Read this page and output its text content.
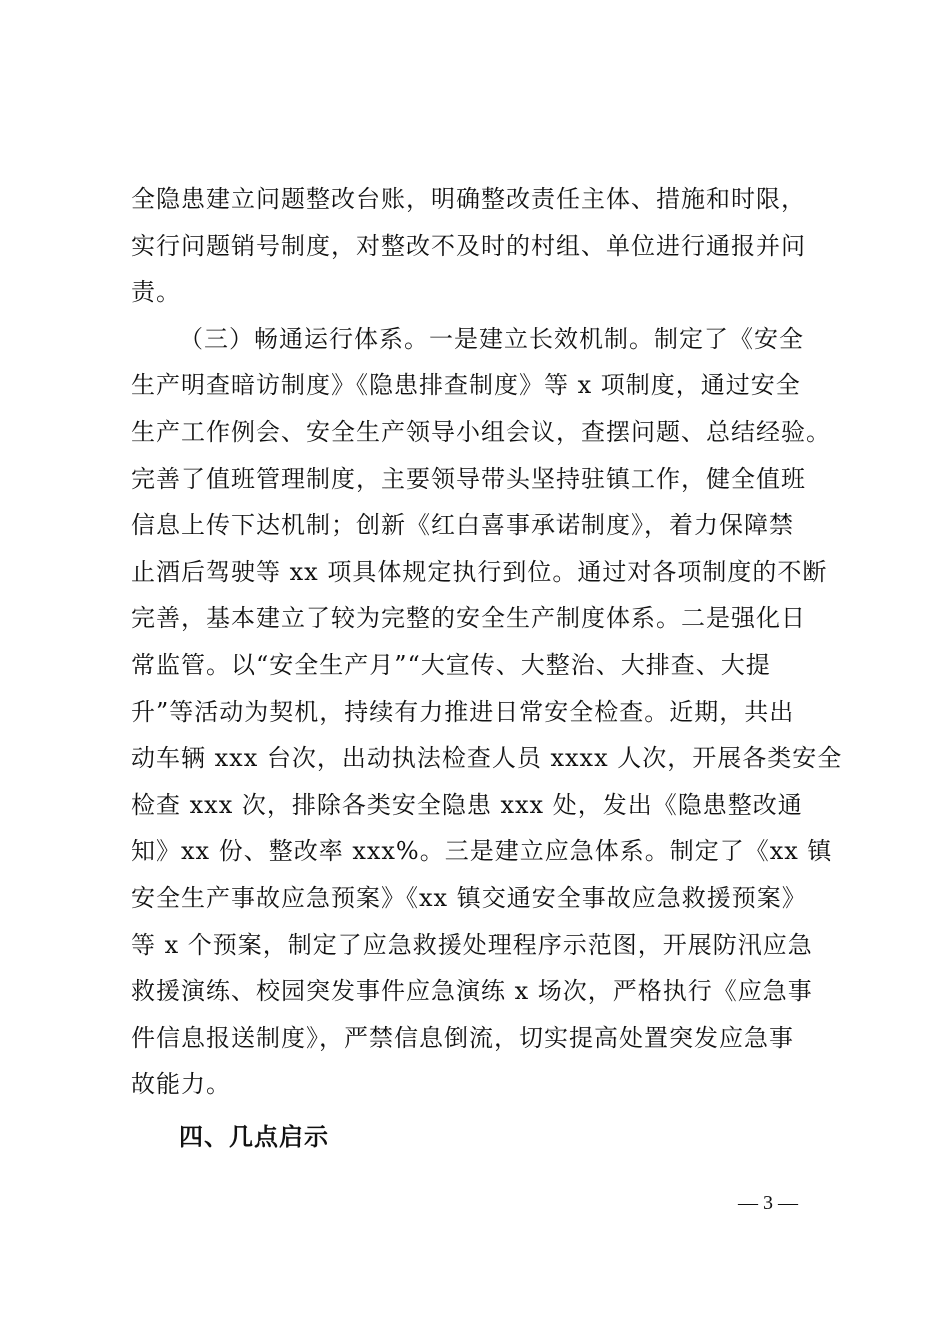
全隐患建立问题整改台账，明确整改责任主体、措施和时限，
实行问题销号制度，对整改不及时的村组、单位进行通报并问
责。
（三）畅通运行体系。一是建立长效机制。制定了《安全
生产明查暗访制度》《隐患排查制度》等 x 项制度，通过安全
生产工作例会、安全生产领导小组会议，查摆问题、总结经验。
完善了值班管理制度，主要领导带头坚持驻镇工作，健全值班
信息上传下达机制；创新《红白喜事承诺制度》，着力保障禁
止酒后驾驶等 xx 项具体规定执行到位。通过对各项制度的不断
完善，基本建立了较为完整的安全生产制度体系。二是强化日
常监管。以“安全生产月”“大宣传、大整治、大排查、大提
升”等活动为契机，持续有力推进日常安全检查。近期，共出
动车辆 xxx 台次，出动执法检查人员 xxxx 人次，开展各类安全
检查 xxx 次，排除各类安全隐患 xxx 处，发出《隐患整改通
知》xx 份、整改率 xxx%。三是建立应急体系。制定了《xx 镇
安全生产事故应急预案》《xx 镇交通安全事故应急救援预案》
等 x 个预案，制定了应急救援处理程序示范图，开展防汛应急
救援演练、校园突发事件应急演练 x 场次，严格执行《应急事
件信息报送制度》，严禁信息倒流，切实提高处置突发应急事
故能力。
四、几点启示
— 3 —
